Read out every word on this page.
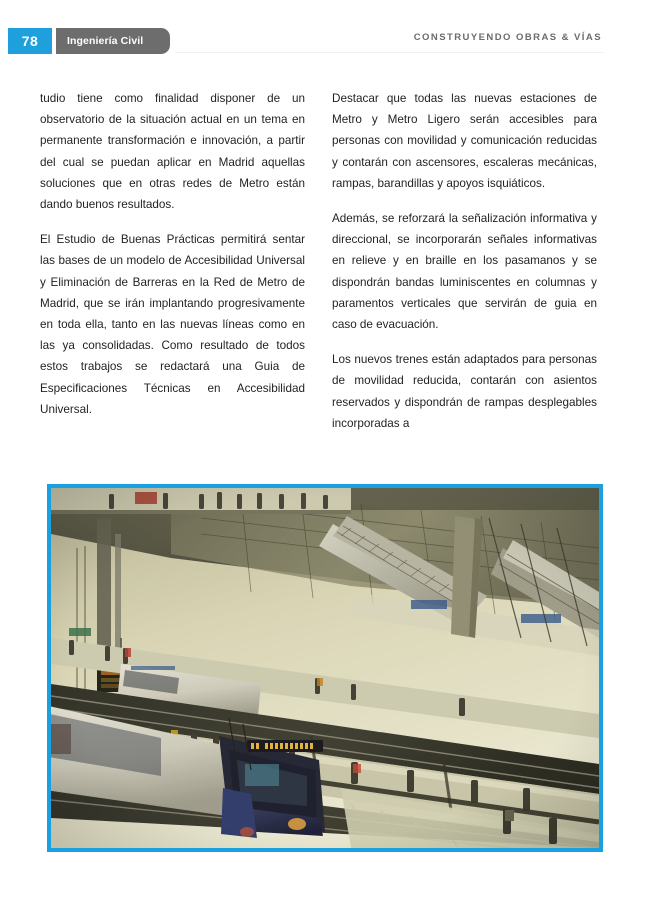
78	Ingeniería Civil	CONSTRUYENDO OBRAS & VÍAS

tudio tiene como finalidad disponer de un observatorio de la situación actual en un tema en permanente transformación e innovación, a partir del cual se puedan aplicar en Madrid aquellas soluciones que en otras redes de Metro están dando buenos resultados.

El Estudio de Buenas Prácticas permitirá sentar las bases de un modelo de Accesibilidad Universal y Eliminación de Barreras en la Red de Metro de Madrid, que se irán implantando progresivamente en toda ella, tanto en las nuevas líneas como en las ya consolidadas. Como resultado de todos estos trabajos se redactará una Guia de Especificaciones Técnicas en Accesibilidad Universal.

Destacar que todas las nuevas estaciones de Metro y Metro Ligero serán accesibles para personas con movilidad y comunicación reducidas y contarán con ascensores, escaleras mecánicas, rampas, barandillas y apoyos isquiáticos.

Además, se reforzará la señalización informativa y direccional, se incorporarán señales informativas en relieve y en braille en los pasamanos y se dispondrán bandas luminiscentes en columnas y paramentos verticales que servirán de guia en caso de evacuación.

Los nuevos trenes están adaptados para personas de movilidad reducida, contarán con asientos reservados y dispondrán de rampas desplegables incorporadas a
